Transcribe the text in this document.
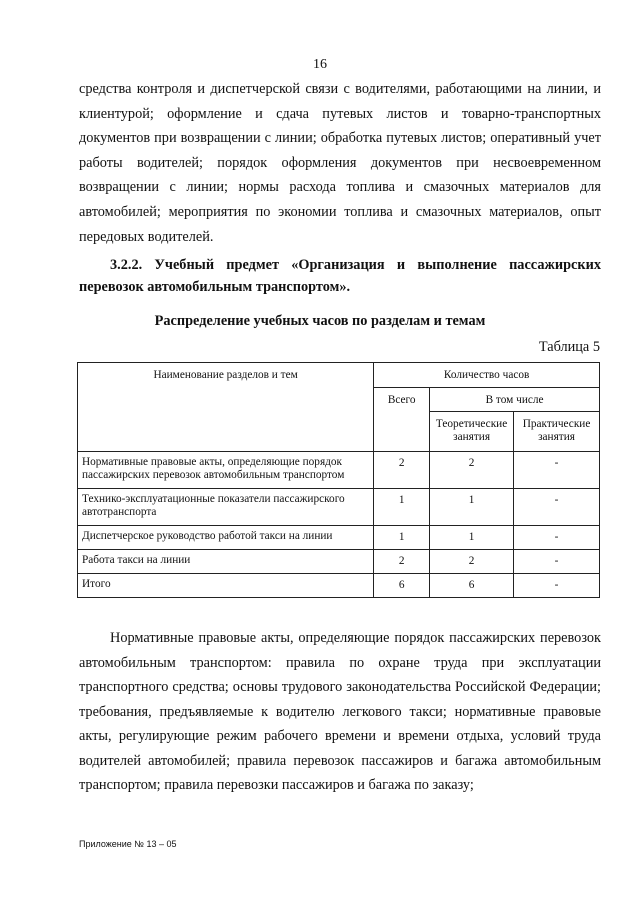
16
средства контроля и диспетчерской связи с водителями, работающими на линии, и клиентурой; оформление и сдача путевых листов и товарно-транспортных документов при возвращении с линии; обработка путевых листов; оперативный учет работы водителей; порядок оформления документов при несвоевременном возвращении с линии; нормы расхода топлива и смазочных материалов для автомобилей; мероприятия по экономии топлива и смазочных материалов, опыт передовых водителей.
3.2.2. Учебный предмет «Организация и выполнение пассажирских перевозок автомобильным транспортом».
Распределение учебных часов по разделам и темам
Таблица 5
Наименование разделов и тем	Количество часов		
	Всего	В том числе	
		Теоретические занятия	Практические занятия
Нормативные правовые акты, определяющие порядок пассажирских перевозок автомобильным транспортом	2	2	-
Технико-эксплуатационные показатели пассажирского автотранспорта	1	1	-
Диспетчерское руководство работой такси на линии	1	1	-
Работа такси на линии	2	2	-
Итого	6	6	-
Нормативные правовые акты, определяющие порядок пассажирских перевозок автомобильным транспортом: правила по охране труда при эксплуатации транспортного средства; основы трудового законодательства Российской Федерации; требования, предъявляемые к водителю легкового такси; нормативные правовые акты, регулирующие режим рабочего времени и времени отдыха, условий труда водителей автомобилей; правила перевозок пассажиров и багажа автомобильным транспортом; правила перевозки пассажиров и багажа по заказу;
Приложение № 13 – 05
